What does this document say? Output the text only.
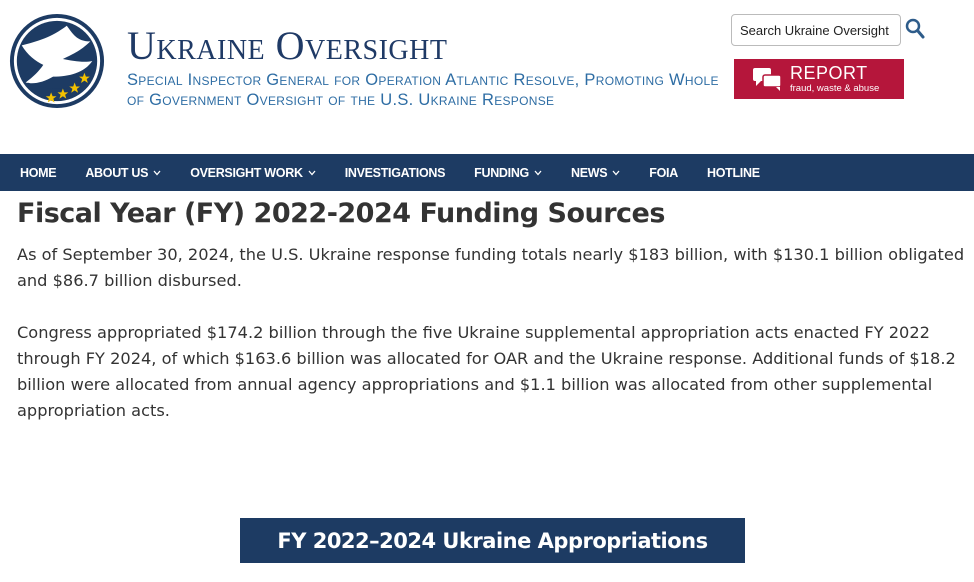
Ukraine Oversight
Special Inspector General for Operation Atlantic Resolve, Promoting Whole of Government Oversight of the U.S. Ukraine Response
Search Ukraine Oversight
REPORT
fraud, waste & abuse
HOME ABOUT US	OVERSIGHT WORK	INVESTIGATIONS FUNDING	NEWS	FOIA HOTLINE
Fiscal Year (FY) 2022-2024 Funding Sources

As of September 30, 2024, the U.S. Ukraine response funding totals nearly $183 billion, with $130.1 billion obligated and $86.7 billion disbursed.

Congress appropriated $174.2 billion through the five Ukraine supplemental appropriation acts enacted FY 2022 through FY 2024, of which $163.6 billion was allocated for OAR and the Ukraine response. Additional funds of $18.2 billion were allocated from annual agency appropriations and $1.1 billion was allocated from other supplemental appropriation acts.

FY 2022–2024 Ukraine Appropriations
